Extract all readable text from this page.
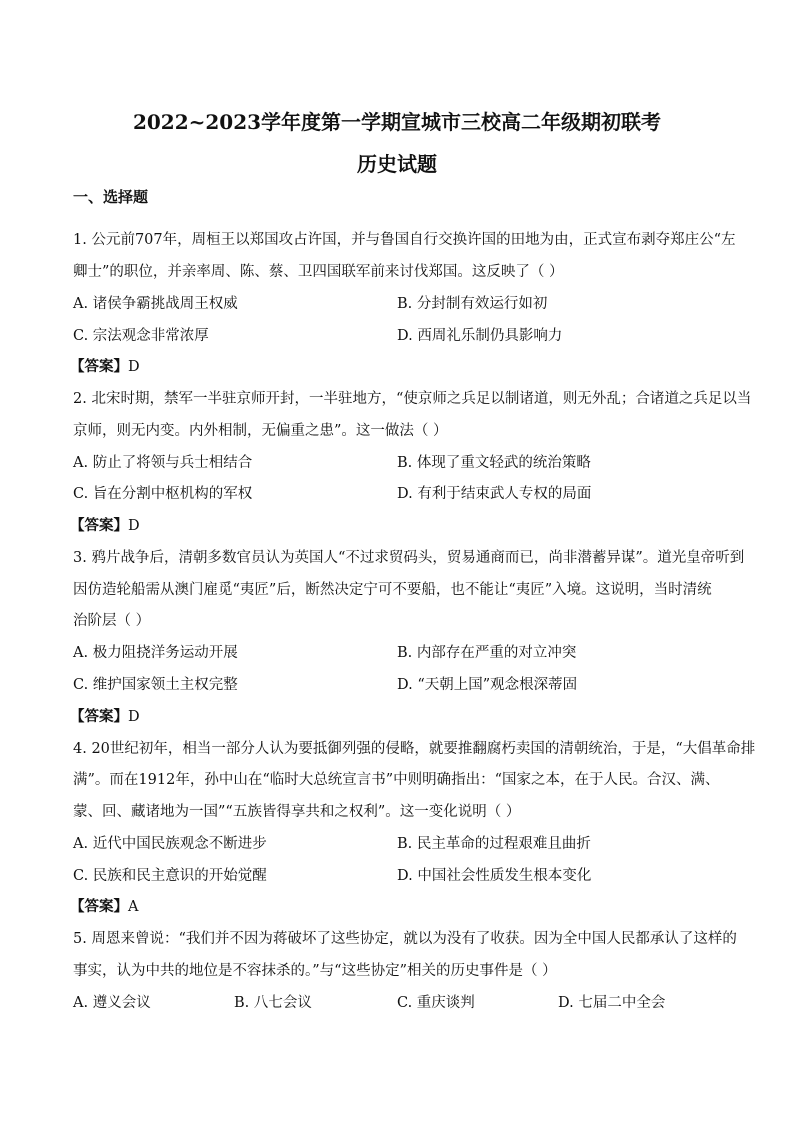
2022~2023学年度第一学期宣城市三校高二年级期初联考
历史试题
一、选择题
1. 公元前707年，周桓王以郑国攻占许国，并与鲁国自行交换许国的田地为由，正式宣布剥夺郑庄公“左
卿士”的职位，并亲率周、陈、蔡、卫四国联军前来讨伐郑国。这反映了（ ）
A. 诸侯争霸挑战周王权威	B. 分封制有效运行如初
C. 宗法观念非常浓厚	D. 西周礼乐制仍具影响力
【答案】D
2. 北宋时期，禁军一半驻京师开封，一半驻地方，“使京师之兵足以制诸道，则无外乱；合诸道之兵足以当
京师，则无内变。内外相制，无偏重之患”。这一做法（ ）
A. 防止了将领与兵士相结合	B. 体现了重文轻武的统治策略
C. 旨在分割中枢机构的军权	D. 有利于结束武人专权的局面
【答案】D
3. 鸦片战争后，清朝多数官员认为英国人“不过求贸码头，贸易通商而已，尚非潜蓄异谋”。道光皇帝听到
因仿造轮船需从澳门雇觅“夷匠”后，断然决定宁可不要船，也不能让“夷匠”入境。这说明，当时清统
治阶层（ ）
A. 极力阻挠洋务运动开展	B. 内部存在严重的对立冲突
C. 维护国家领土主权完整	D. “天朝上国”观念根深蒂固
【答案】D
4. 20世纪初年，相当一部分人认为要抵御列强的侵略，就要推翻腐朽卖国的清朝统治，于是，“大倡革命排
满”。而在1912年，孙中山在“临时大总统宣言书”中则明确指出：“国家之本，在于人民。合汉、满、
蒙、回、藏诸地为一国”“五族皆得享共和之权利”。这一变化说明（ ）
A. 近代中国民族观念不断进步	B. 民主革命的过程艰难且曲折
C. 民族和民主意识的开始觉醒	D. 中国社会性质发生根本变化
【答案】A
5. 周恩来曾说：“我们并不因为蒋破坏了这些协定，就以为没有了收获。因为全中国人民都承认了这样的
事实，认为中共的地位是不容抹杀的。”与“这些协定”相关的历史事件是（ ）
A. 遵义会议	B. 八七会议	C. 重庆谈判	D. 七届二中全会
